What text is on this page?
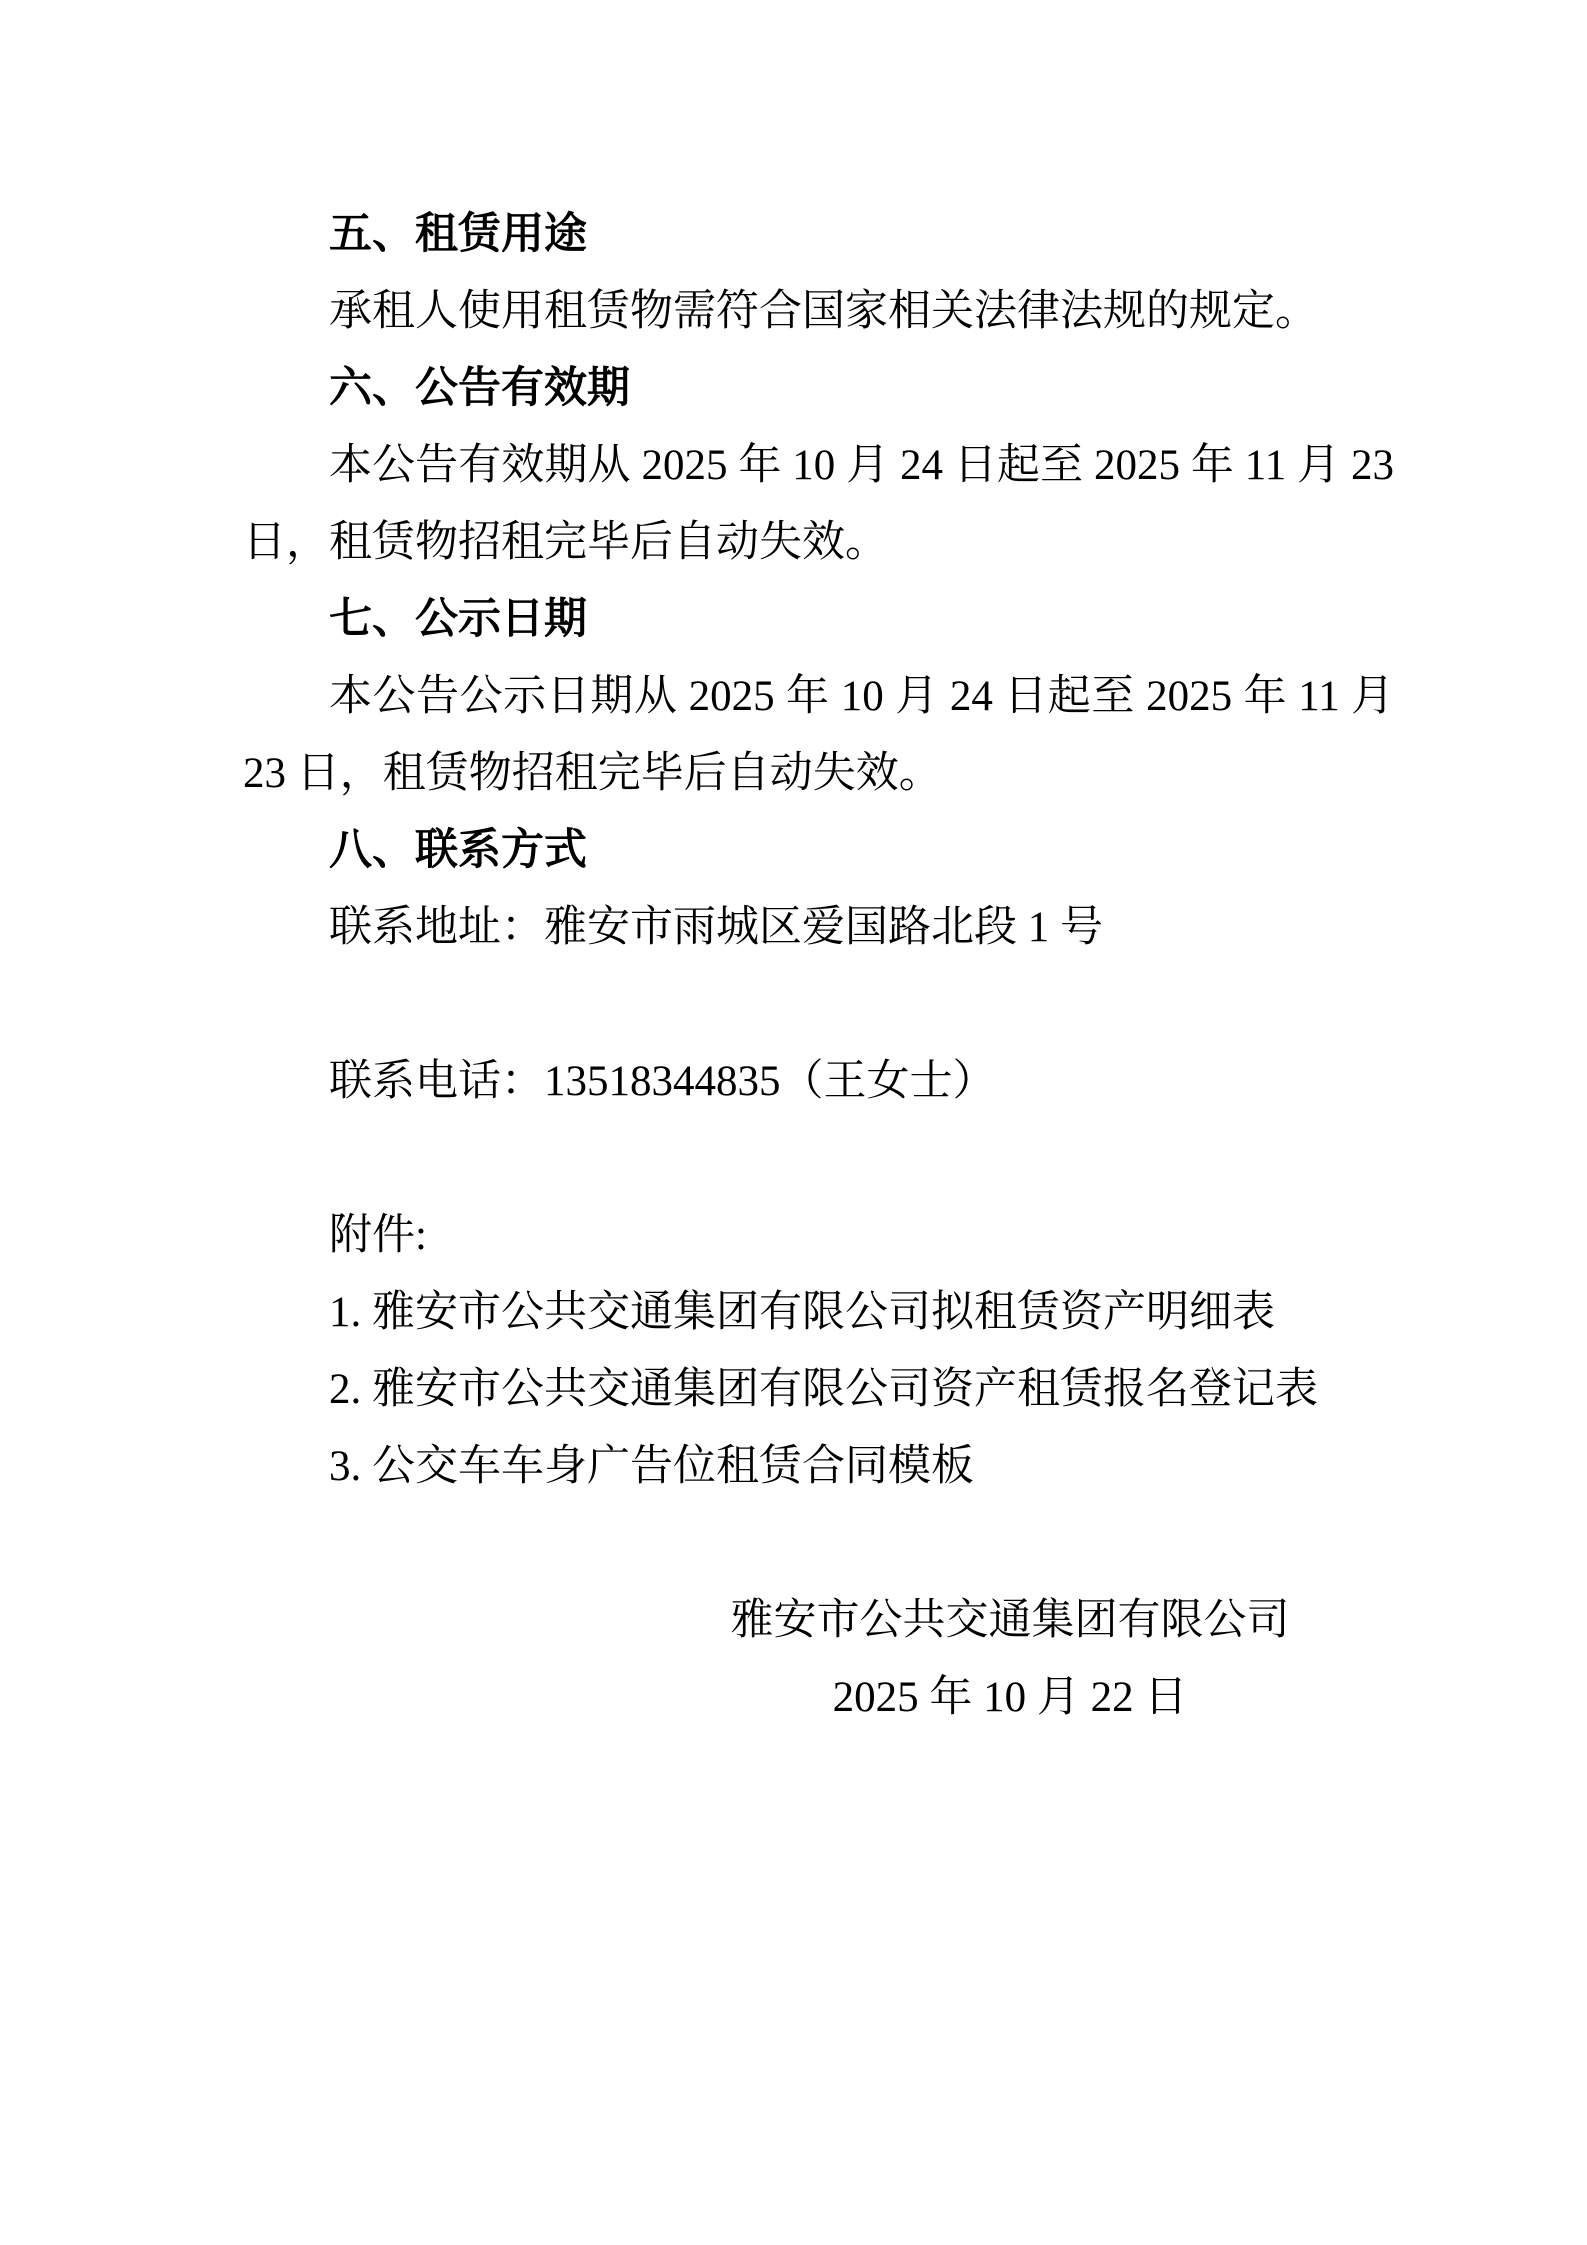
五、租赁用途

承租人使用租赁物需符合国家相关法律法规的规定。

六、公告有效期

本公告有效期从 2025 年 10 月 24 日起至 2025 年 11 月 23 日，租赁物招租完毕后自动失效。

七、公示日期

本公告公示日期从 2025 年 10 月 24 日起至 2025 年 11 月 23 日，租赁物招租完毕后自动失效。

八、联系方式

联系地址：雅安市雨城区爱国路北段 1 号

联系电话：13518344835（王女士）

附件:

1. 雅安市公共交通集团有限公司拟租赁资产明细表

2. 雅安市公共交通集团有限公司资产租赁报名登记表

3. 公交车车身广告位租赁合同模板

雅安市公共交通集团有限公司

2025 年 10 月 22 日
